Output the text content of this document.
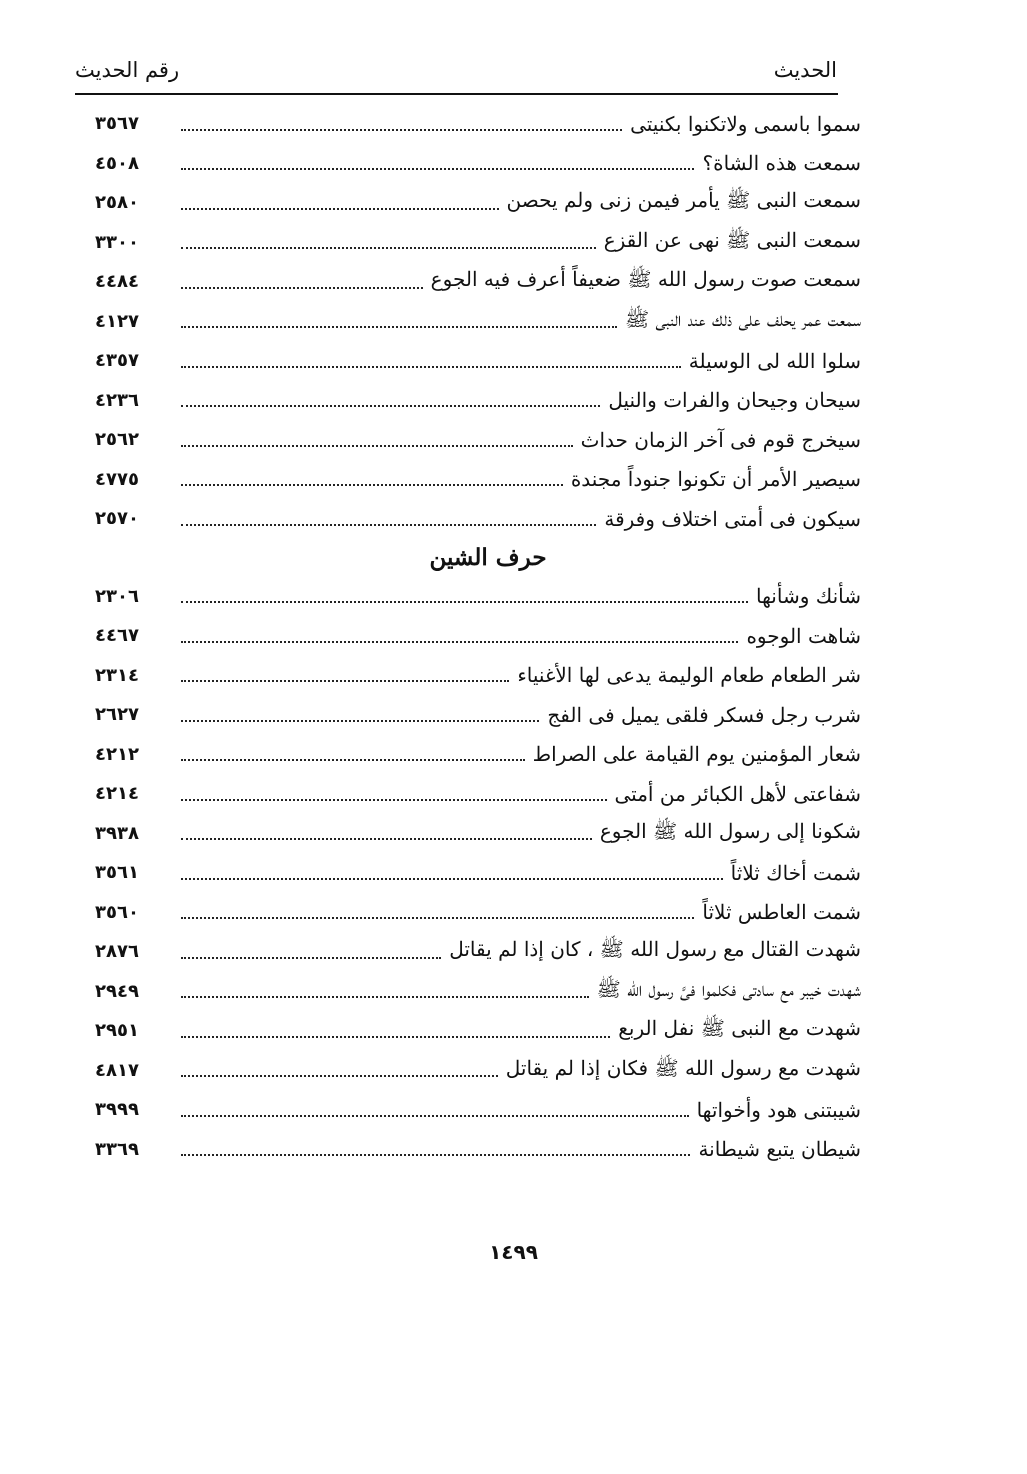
رقم الحديث	الحديث
٣٥٦٧	سموا باسمى ولاتكنوا بكنيتى
٤٥٠٨	سمعت هذه الشاة؟
٢٥٨٠	سمعت النبى ﷺ يأمر فيمن زنى ولم يحصن
٣٣٠٠	سمعت النبى ﷺ نهى عن القزع
٤٤٨٤	سمعت صوت رسول الله ﷺ ضعيفاً أعرف فيه الجوع
٤١٢٧	سمعت عمر يحلف على ذلك عند النبى ﷺ
٤٣٥٧	سلوا الله لى الوسيلة
٤٢٣٦	سيحان وجيحان والفرات والنيل
٢٥٦٢	سيخرج قوم فى آخر الزمان حداث
٤٧٧٥	سيصير الأمر أن تكونوا جنوداً مجندة
٢٥٧٠	سيكون فى أمتى اختلاف وفرقة
حرف الشين
٢٣٠٦	شأنك وشأنها
٤٤٦٧	شاهت الوجوه
٢٣١٤	شر الطعام طعام الوليمة يدعى لها الأغنياء
٢٦٢٧	شرب رجل فسكر فلقى يميل فى الفج
٤٢١٢	شعار المؤمنين يوم القيامة على الصراط
٤٢١٤	شفاعتى لأهل الكبائر من أمتى
٣٩٣٨	شكونا إلى رسول الله ﷺ الجوع
٣٥٦١	شمت أخاك ثلاثاً
٣٥٦٠	شمت العاطس ثلاثاً
٢٨٧٦	شهدت القتال مع رسول الله ﷺ ، كان إذا لم يقاتل
٢٩٤٩	شهدت خيبر مع سادتى فكلموا فىَّ رسول الله ﷺ
٢٩٥١	شهدت مع النبى ﷺ نفل الربع
٤٨١٧	شهدت مع رسول الله ﷺ فكان إذا لم يقاتل
٣٩٩٩	شيبتنى هود وأخواتها
٣٣٦٩	شيطان يتبع شيطانة
١٤٩٩
